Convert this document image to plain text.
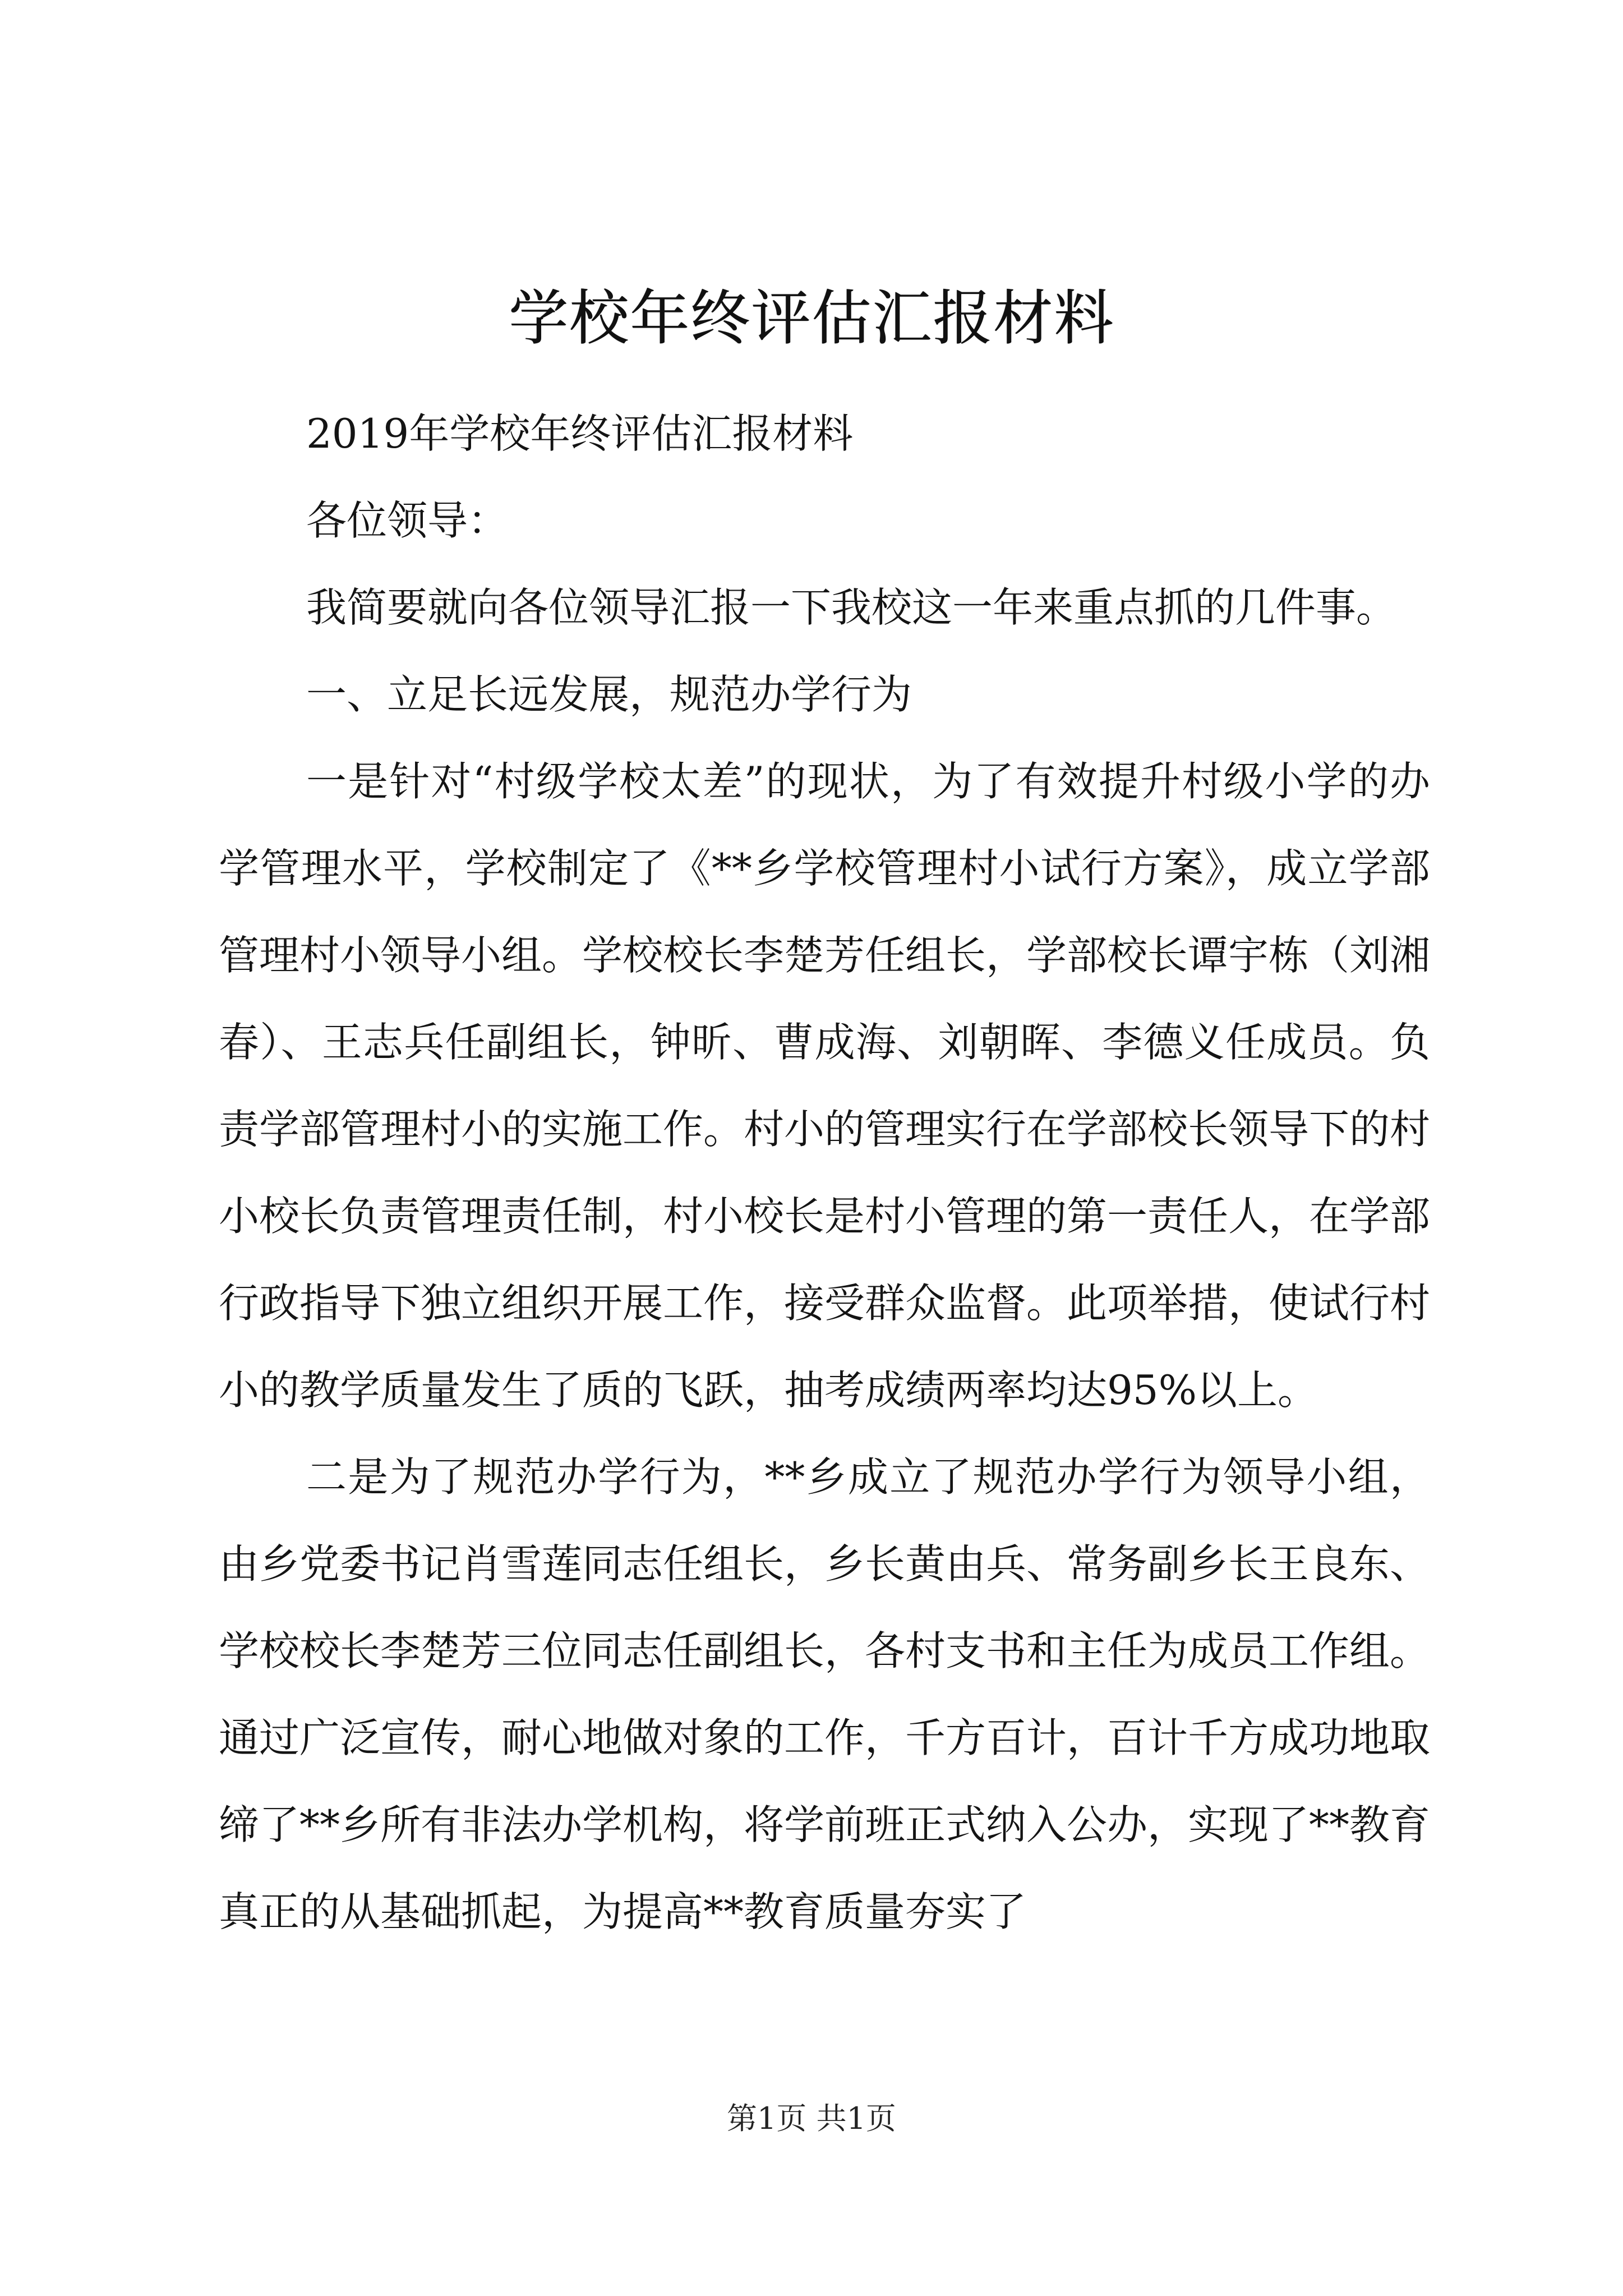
学校年终评估汇报材料

2019年学校年终评估汇报材料

各位领导：

我简要就向各位领导汇报一下我校这一年来重点抓的几件事。

一、立足长远发展，规范办学行为

一是针对“村级学校太差”的现状，为了有效提升村级小学的办学管理水平，学校制定了《**乡学校管理村小试行方案》，成立学部管理村小领导小组。学校校长李楚芳任组长，学部校长谭宇栋（刘湘春）、王志兵任副组长，钟昕、曹成海、刘朝晖、李德义任成员。负责学部管理村小的实施工作。村小的管理实行在学部校长领导下的村小校长负责管理责任制，村小校长是村小管理的第一责任人，在学部行政指导下独立组织开展工作，接受群众监督。此项举措，使试行村小的教学质量发生了质的飞跃，抽考成绩两率均达95%以上。

二是为了规范办学行为，**乡成立了规范办学行为领导小组，由乡党委书记肖雪莲同志任组长，乡长黄由兵、常务副乡长王良东、学校校长李楚芳三位同志任副组长，各村支书和主任为成员工作组。通过广泛宣传，耐心地做对象的工作，千方百计，百计千方成功地取缔了**乡所有非法办学机构，将学前班正式纳入公办，实现了**教育真正的从基础抓起，为提高**教育质量夯实了

第1页 共1页
